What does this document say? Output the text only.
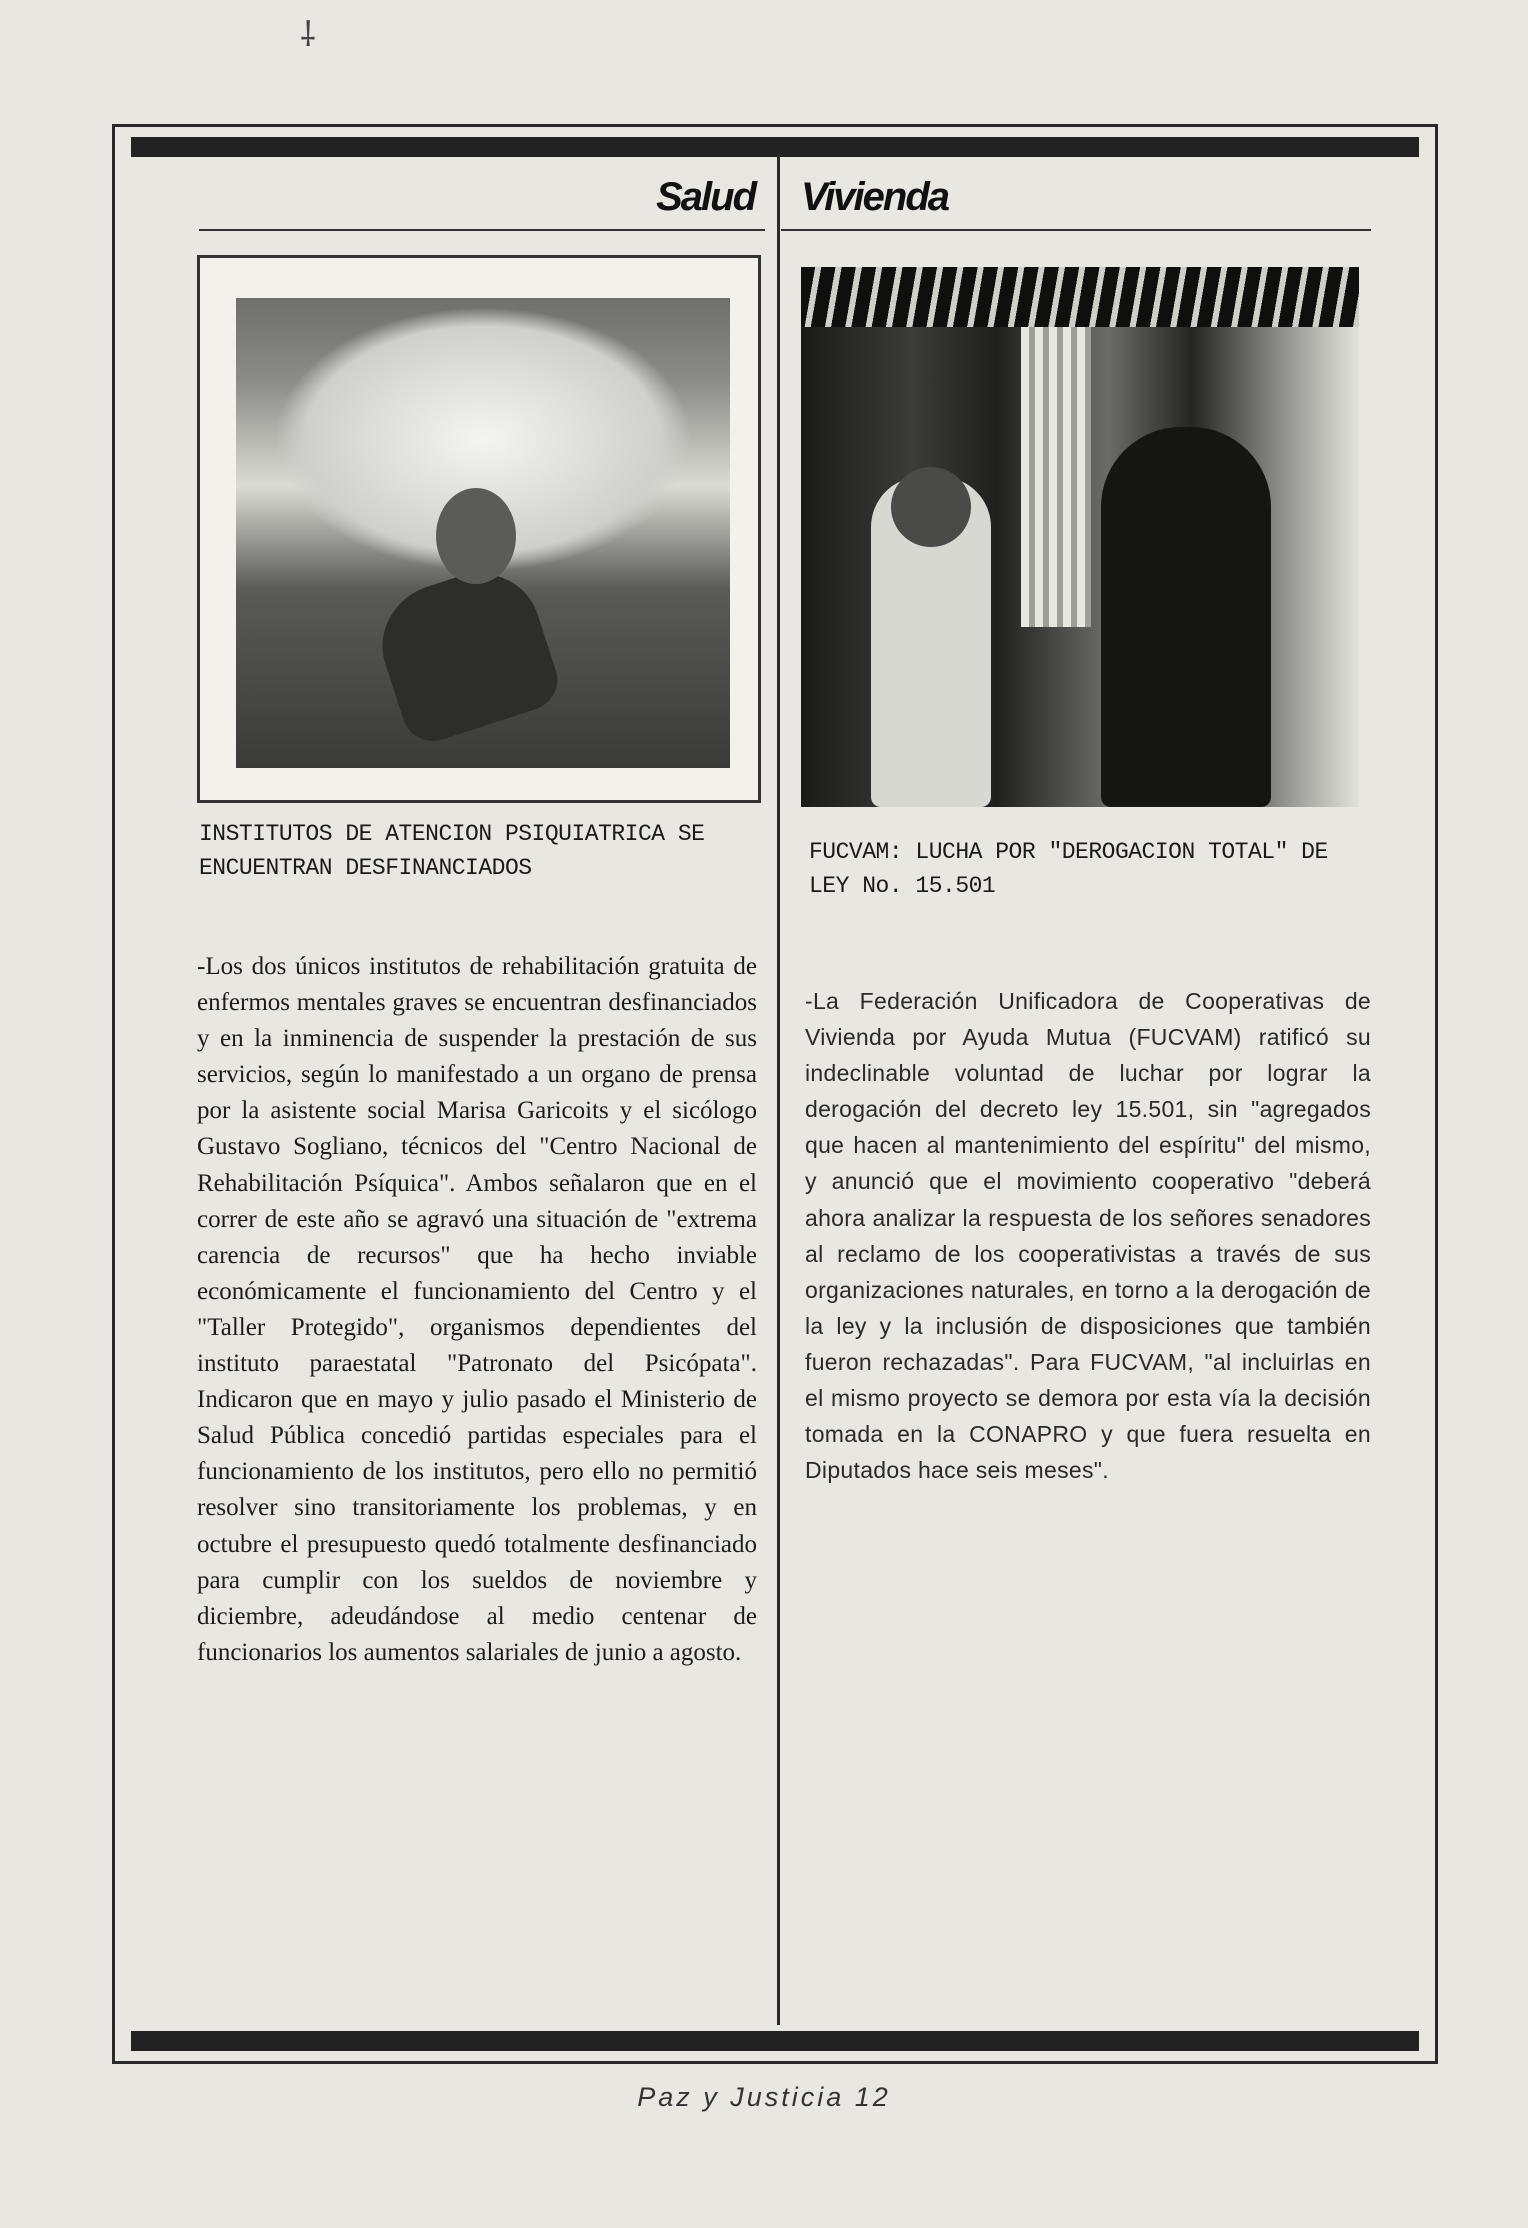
⸸
Salud Vivienda

INSTITUTOS DE ATENCION PSIQUIATRICA SE ENCUENTRAN DESFINANCIADOS

FUCVAM: LUCHA POR "DEROGACION TOTAL" DE LEY No. 15.501

-Los dos únicos institutos de rehabilitación gratuita de enfermos mentales graves se encuentran desfinanciados y en la inminencia de suspender la prestación de sus servicios, según lo manifestado a un organo de prensa por la asistente social Marisa Garicoits y el sicólogo Gustavo Sogliano, técnicos del "Centro Nacional de Rehabilitación Psíquica". Ambos señalaron que en el correr de este año se agravó una situación de "extrema carencia de recursos" que ha hecho inviable económicamente el funcionamiento del Centro y el "Taller Protegido", organismos dependientes del instituto paraestatal "Patronato del Psicópata". Indicaron que en mayo y julio pasado el Ministerio de Salud Pública concedió partidas especiales para el funcionamiento de los institutos, pero ello no permitió resolver sino transitoriamente los problemas, y en octubre el presupuesto quedó totalmente desfinanciado para cumplir con los sueldos de noviembre y diciembre, adeudándose al medio centenar de funcionarios los aumentos salariales de junio a agosto.

-La Federación Unificadora de Cooperativas de Vivienda por Ayuda Mutua (FUCVAM) ratificó su indeclinable voluntad de luchar por lograr la derogación del decreto ley 15.501, sin "agregados que hacen al mantenimiento del espíritu" del mismo, y anunció que el movimiento cooperativo "deberá ahora analizar la respuesta de los señores senadores al reclamo de los cooperativistas a través de sus organizaciones naturales, en torno a la derogación de la ley y la inclusión de disposiciones que también fueron rechazadas". Para FUCVAM, "al incluirlas en el mismo proyecto se demora por esta vía la decisión tomada en la CONAPRO y que fuera resuelta en Diputados hace seis meses".

Paz y Justicia 12
